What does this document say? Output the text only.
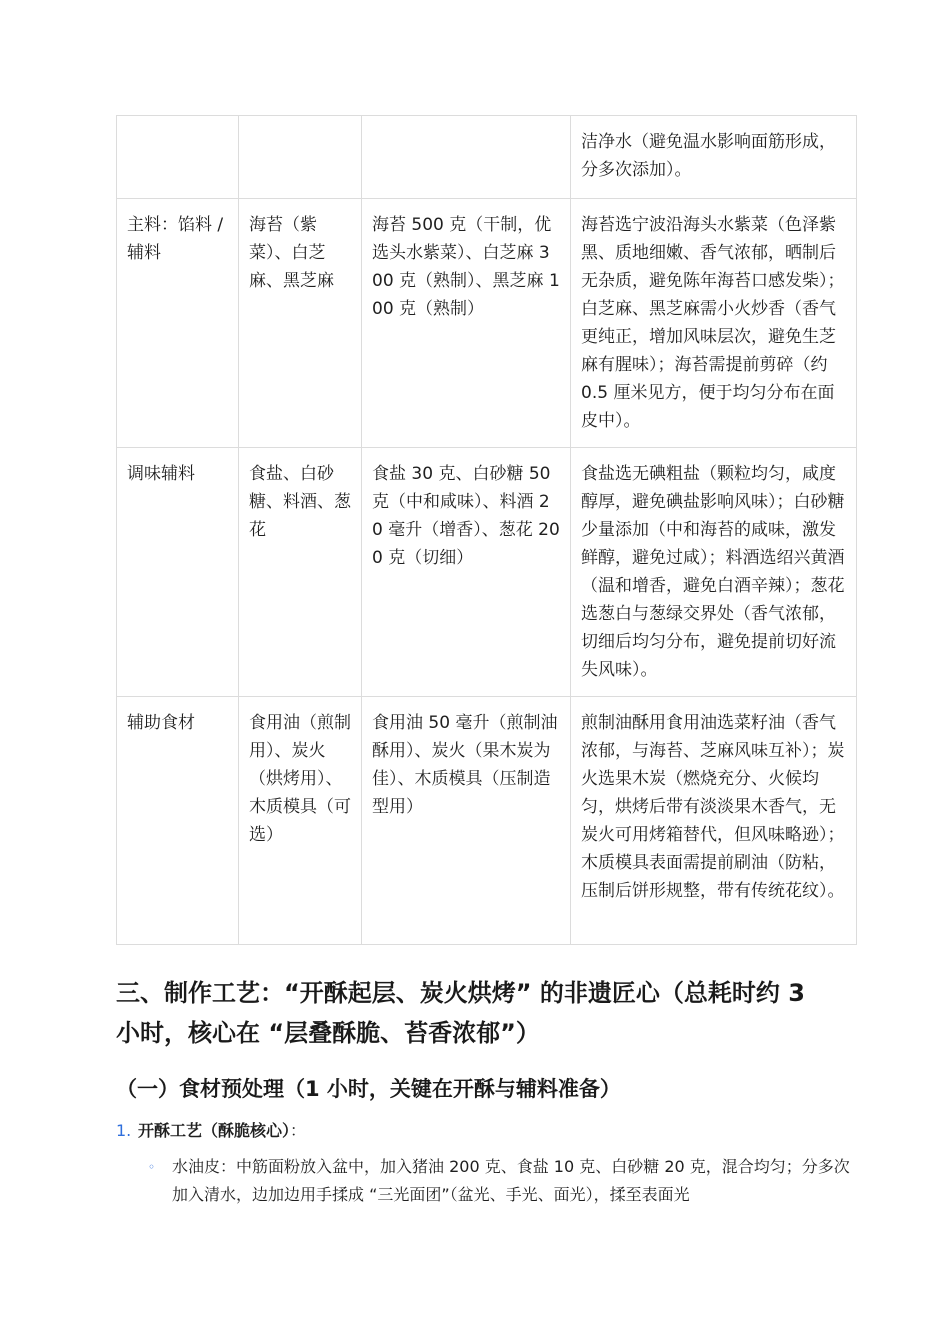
			洁净水（避免温水影响面筋形成，分多次添加）。
主料：馅料 / 辅料	海苔（紫菜）、白芝麻、黑芝麻	海苔 500 克（干制，优选头水紫菜）、白芝麻 300 克（熟制）、黑芝麻 100 克（熟制）	海苔选宁波沿海头水紫菜（色泽紫黑、质地细嫩、香气浓郁，晒制后无杂质，避免陈年海苔口感发柴）；白芝麻、黑芝麻需小火炒香（香气更纯正，增加风味层次，避免生芝麻有腥味）；海苔需提前剪碎（约 0.5 厘米见方，便于均匀分布在面皮中）。
调味辅料	食盐、白砂糖、料酒、葱花	食盐 30 克、白砂糖 50 克（中和咸味）、料酒 20 毫升（增香）、葱花 200 克（切细）	食盐选无碘粗盐（颗粒均匀，咸度醇厚，避免碘盐影响风味）；白砂糖少量添加（中和海苔的咸味，激发鲜醇，避免过咸）；料酒选绍兴黄酒（温和增香，避免白酒辛辣）；葱花选葱白与葱绿交界处（香气浓郁，切细后均匀分布，避免提前切好流失风味）。
辅助食材	食用油（煎制用）、炭火（烘烤用）、木质模具（可选）	食用油 50 毫升（煎制油酥用）、炭火（果木炭为佳）、木质模具（压制造型用）	煎制油酥用食用油选菜籽油（香气浓郁，与海苔、芝麻风味互补）；炭火选果木炭（燃烧充分、火候均匀，烘烤后带有淡淡果木香气，无炭火可用烤箱替代，但风味略逊）；木质模具表面需提前刷油（防粘，压制后饼形规整，带有传统花纹）。
三、制作工艺：“开酥起层、炭火烘烤” 的非遗匠心（总耗时约 3 小时，核心在 “层叠酥脆、苔香浓郁”）
（一）食材预处理（1 小时，关键在开酥与辅料准备）
1. 开酥工艺（酥脆核心）：
◦	水油皮：中筋面粉放入盆中，加入猪油 200 克、食盐 10 克、白砂糖 20 克，混合均匀；分多次加入清水，边加边用手揉成 “三光面团”（盆光、手光、面光），揉至表面光
